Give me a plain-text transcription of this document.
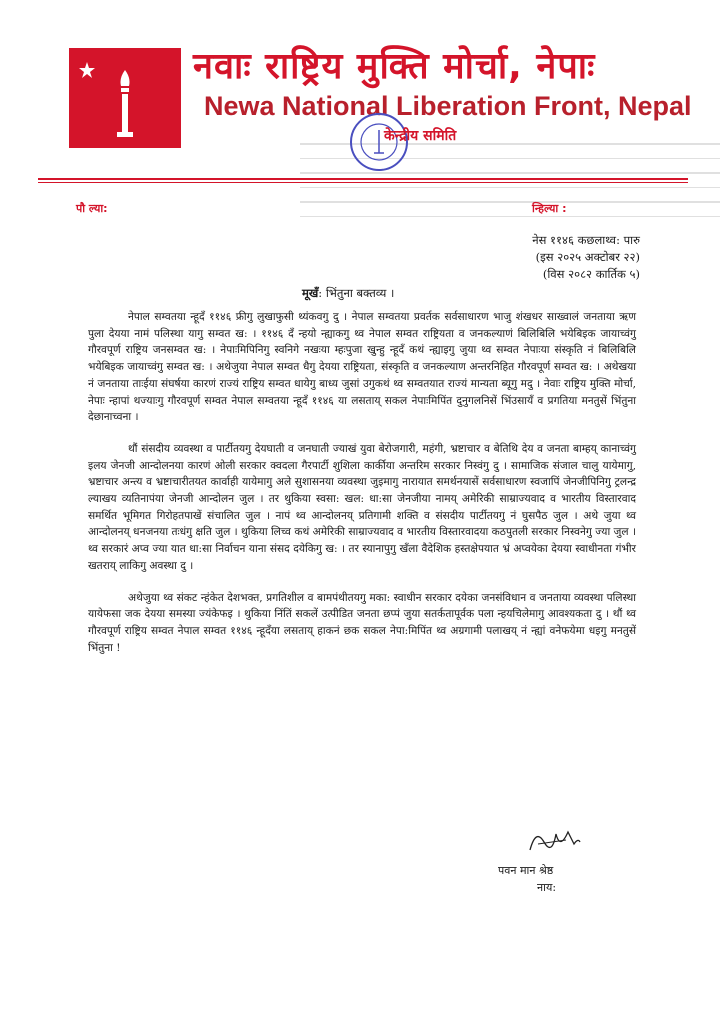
नवाः राष्ट्रिय मुक्ति मोर्चा, नेपाः
Newa National Liberation Front, Nepal
केन्द्रीय समिति
पौ ल्या:	न्हिल्या :
नेस ११४६ कछलाथ्व: पारु
(इस २०२५ अक्टोबर २२)
(विस २०८२ कार्तिक ५)
मूखँ: भिंतुना बक्तव्य ।

नेपाल सम्वतया न्हूदँ ११४६ फ्रीगु लुखाफुसी थ्यंकवगु दु । नेपाल सम्वतया प्रवर्तक सर्वसाधारण भाजु शंखधर साख्वालं जनताया ऋण पुला देयया नामं पलिस्था यागु सम्वत ख: । ११४६ दँ न्हयो न्ह्याकगु थ्व नेपाल सम्वत राष्ट्रियता व जनकल्याणं बिलिबिलि भयेबिइक जायाच्वंगु गौरवपूर्ण राष्ट्रिय जनसम्वत ख: । नेपाःमिपिनिगु स्वनिगे नखःया म्हःपुजा खुन्हु न्हूदँ कथं न्ह्याइगु जुया थ्व सम्वत नेपाःया संस्कृति नं बिलिबिलि भयेबिइक जायाच्वंगु सम्वत ख: । अथेजुया नेपाल सम्वत धैगु देयया राष्ट्रियता, संस्कृति व जनकल्याण अन्तरनिहित गौरवपूर्ण सम्वत ख: । अथेखया नं जनताया ताःईया संघर्षया कारणं राज्यं राष्ट्रिय सम्वत धायेगु बाध्य जुसां उगुकथं थ्व सम्वतयात राज्यं मान्यता ब्यूगु मदु । नेवाः राष्ट्रिय मुक्ति मोर्चा, नेपाः न्हापां थज्याःगु गौरवपूर्ण सम्वत नेपाल सम्वतया न्हूदँ ११४६ या लसताय् सकल नेपाःमिपिंत दुनुगलनिसें भिंउसायँ व प्रगतिया मनतुसें भिंतुना देछानाच्वना ।

थौं संसदीय व्यवस्था व पार्टीतयगु देयघाती व जनघाती ज्याखं युवा बेरोजगारी, महंगी, भ्रष्टाचार व बेतिथि देय व जनता बाम्हय् कानाच्वंगु इलय जेनजी आन्दोलनया कारणं ओली सरकार क्वदला गैरपार्टी शुशिला कार्कीया अन्तरिम सरकार निस्वंगु दु । सामाजिक संजाल चालु यायेमागु, भ्रष्टाचार अन्त्य व भ्रष्टाचारीतयत कार्वाही यायेमागु अले सुशासनया व्यवस्था जुइमागु नारायात समर्थनयासें सर्वसाधारण स्वजापिं जेनजीपिनिगु ट्रलन्द्र ल्याखय व्यतिनापंया जेनजी आन्दोलन जुल । तर थुकिया स्वसा: खल: धा:सा जेनजीया नामय् अमेरिकी साम्राज्यवाद व भारतीय विस्तारवाद समर्थित भूमिगत गिरोहतपाखें संचालित जुल । नापं थ्व आन्दोलनय् प्रतिगामी शक्ति व संसदीय पार्टीतयगु नं घुसपैठ जुल । अथे जुया थ्व आन्दोलनय् धनजनया तःधंगु क्षति जुल । थुकिया लिच्व कथं अमेरिकी साम्राज्यवाद व भारतीय विस्तारवादया कठपुतली सरकार निस्वनेगु ज्या जुल । थ्व सरकारं अप्व ज्या यात धा:सा निर्वाचन याना संसद दयेकिगु ख: । तर स्यानापुगु खँला वैदेशिक हस्तक्षेपयात भ्रं अप्वयेका देयया स्वाधीनता गंभीर खतराय् लाकिगु अवस्था दु ।

अथेजुया थ्व संकट न्हंकेत देशभक्त, प्रगतिशील व बामपंथीतयगु मका: स्वाधीन सरकार दयेका जनसंविधान व जनताया व्यवस्था पलिस्था यायेफसा जक देयया समस्या ज्यंकेफइ । थुकिया निंतिं सकलें उत्पीडित जनता छप्पं जुया सतर्कतापूर्वक पला न्हयचिलेमागु आवश्यकता दु । थौं थ्व गौरवपूर्ण राष्ट्रिय सम्वत नेपाल सम्वत ११४६ न्हूदँया लसताय् हाकनं छक सकल नेपा:मिपिंत थ्व अग्रगामी पलाखय् नं न्ह्यां वनेफयेमा धइगु मनतुसें भिंतुना !

पवन मान श्रेष्ठ
नाय:
